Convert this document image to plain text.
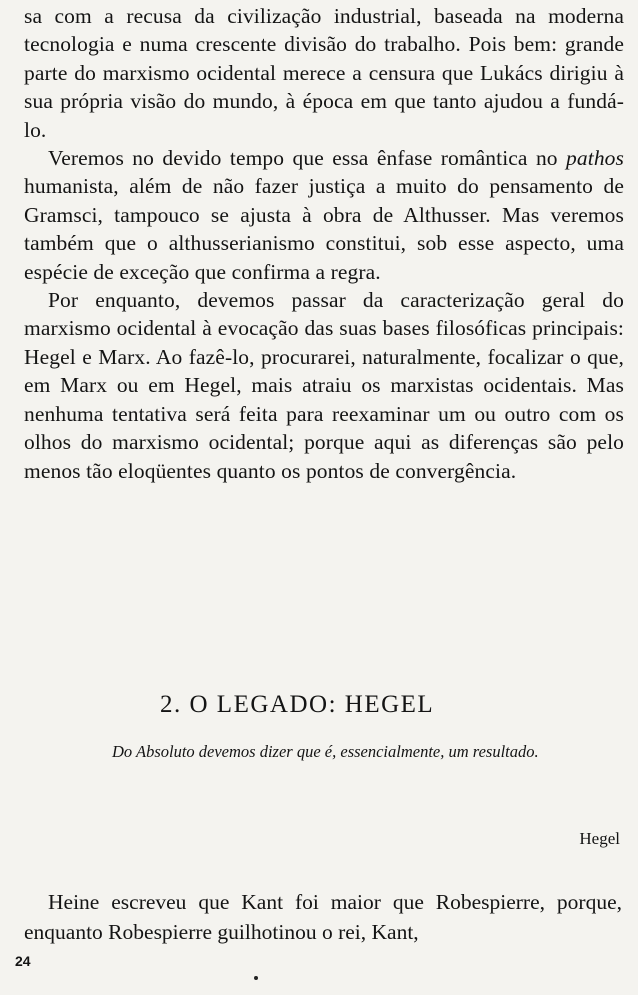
sa com a recusa da civilização industrial, baseada na moderna tecnologia e numa crescente divisão do trabalho. Pois bem: grande parte do marxismo ocidental merece a censura que Lukács dirigiu à sua própria visão do mundo, à época em que tanto ajudou a fundá-lo.

Veremos no devido tempo que essa ênfase romântica no pathos humanista, além de não fazer justiça a muito do pensamento de Gramsci, tampouco se ajusta à obra de Althusser. Mas veremos também que o althusserianismo constitui, sob esse aspecto, uma espécie de exceção que confirma a regra.

Por enquanto, devemos passar da caracterização geral do marxismo ocidental à evocação das suas bases filosóficas principais: Hegel e Marx. Ao fazê-lo, procurarei, naturalmente, focalizar o que, em Marx ou em Hegel, mais atraiu os marxistas ocidentais. Mas nenhuma tentativa será feita para reexaminar um ou outro com os olhos do marxismo ocidental; porque aqui as diferenças são pelo menos tão eloqüentes quanto os pontos de convergência.

2. O LEGADO: HEGEL
Do Absoluto devemos dizer que é, essencialmente, um resultado.
Hegel
Heine escreveu que Kant foi maior que Robespierre, porque, enquanto Robespierre guilhotinou o rei, Kant,
24
